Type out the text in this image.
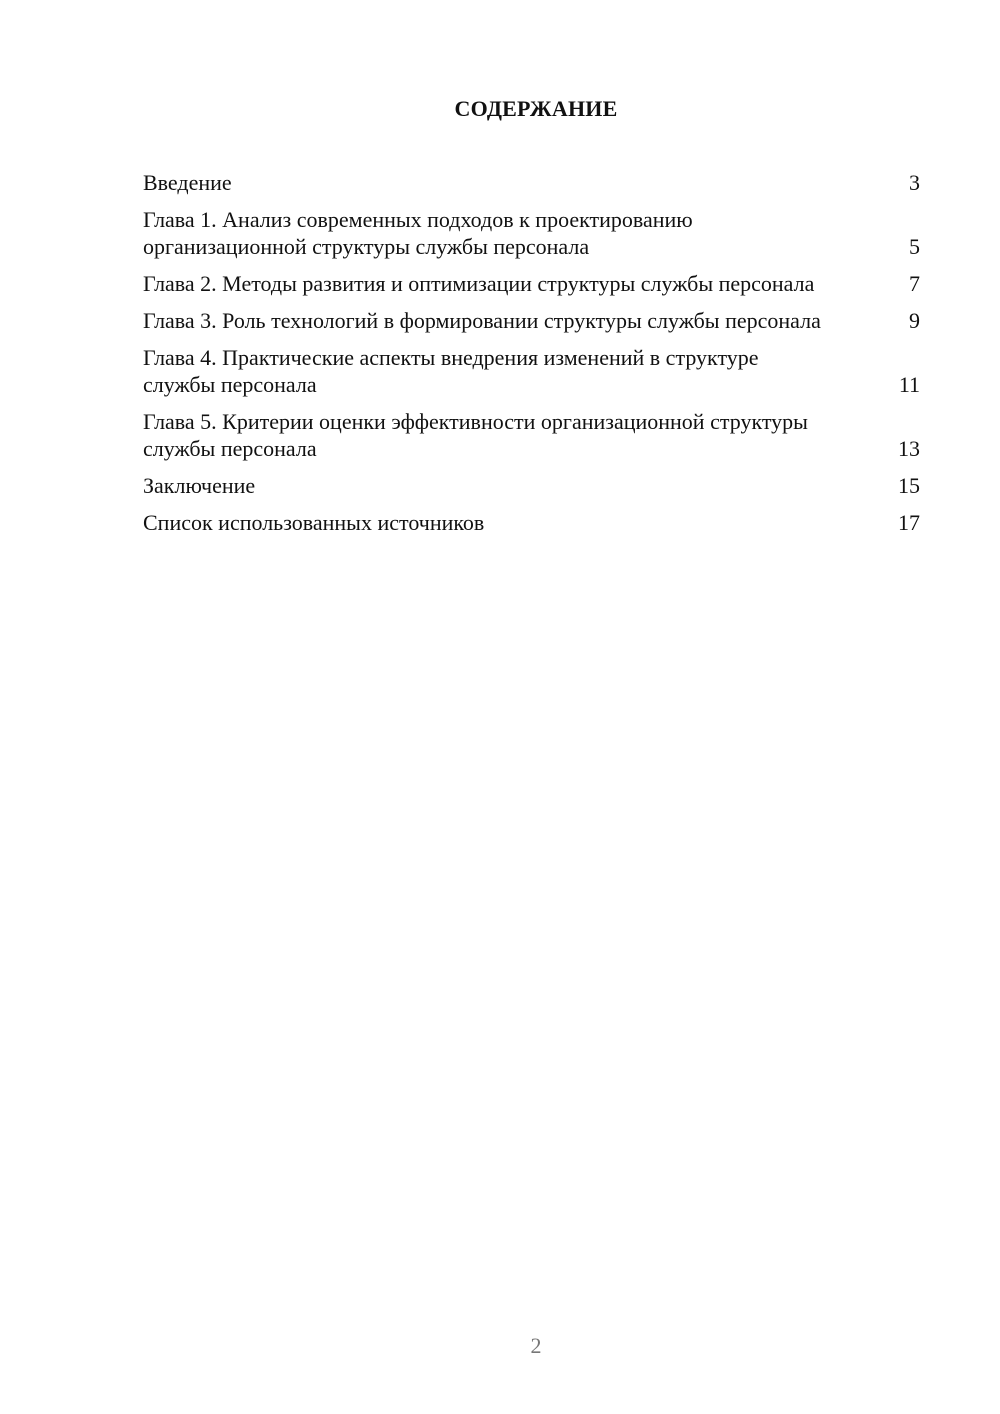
СОДЕРЖАНИЕ
Введение	3
Глава 1. Анализ современных подходов к проектированию организационной структуры службы персонала	5
Глава 2. Методы развития и оптимизации структуры службы персонала	7
Глава 3. Роль технологий в формировании структуры службы персонала	9
Глава 4. Практические аспекты внедрения изменений в структуре службы персонала	11
Глава 5. Критерии оценки эффективности организационной структуры службы персонала	13
Заключение	15
Список использованных источников	17
2
